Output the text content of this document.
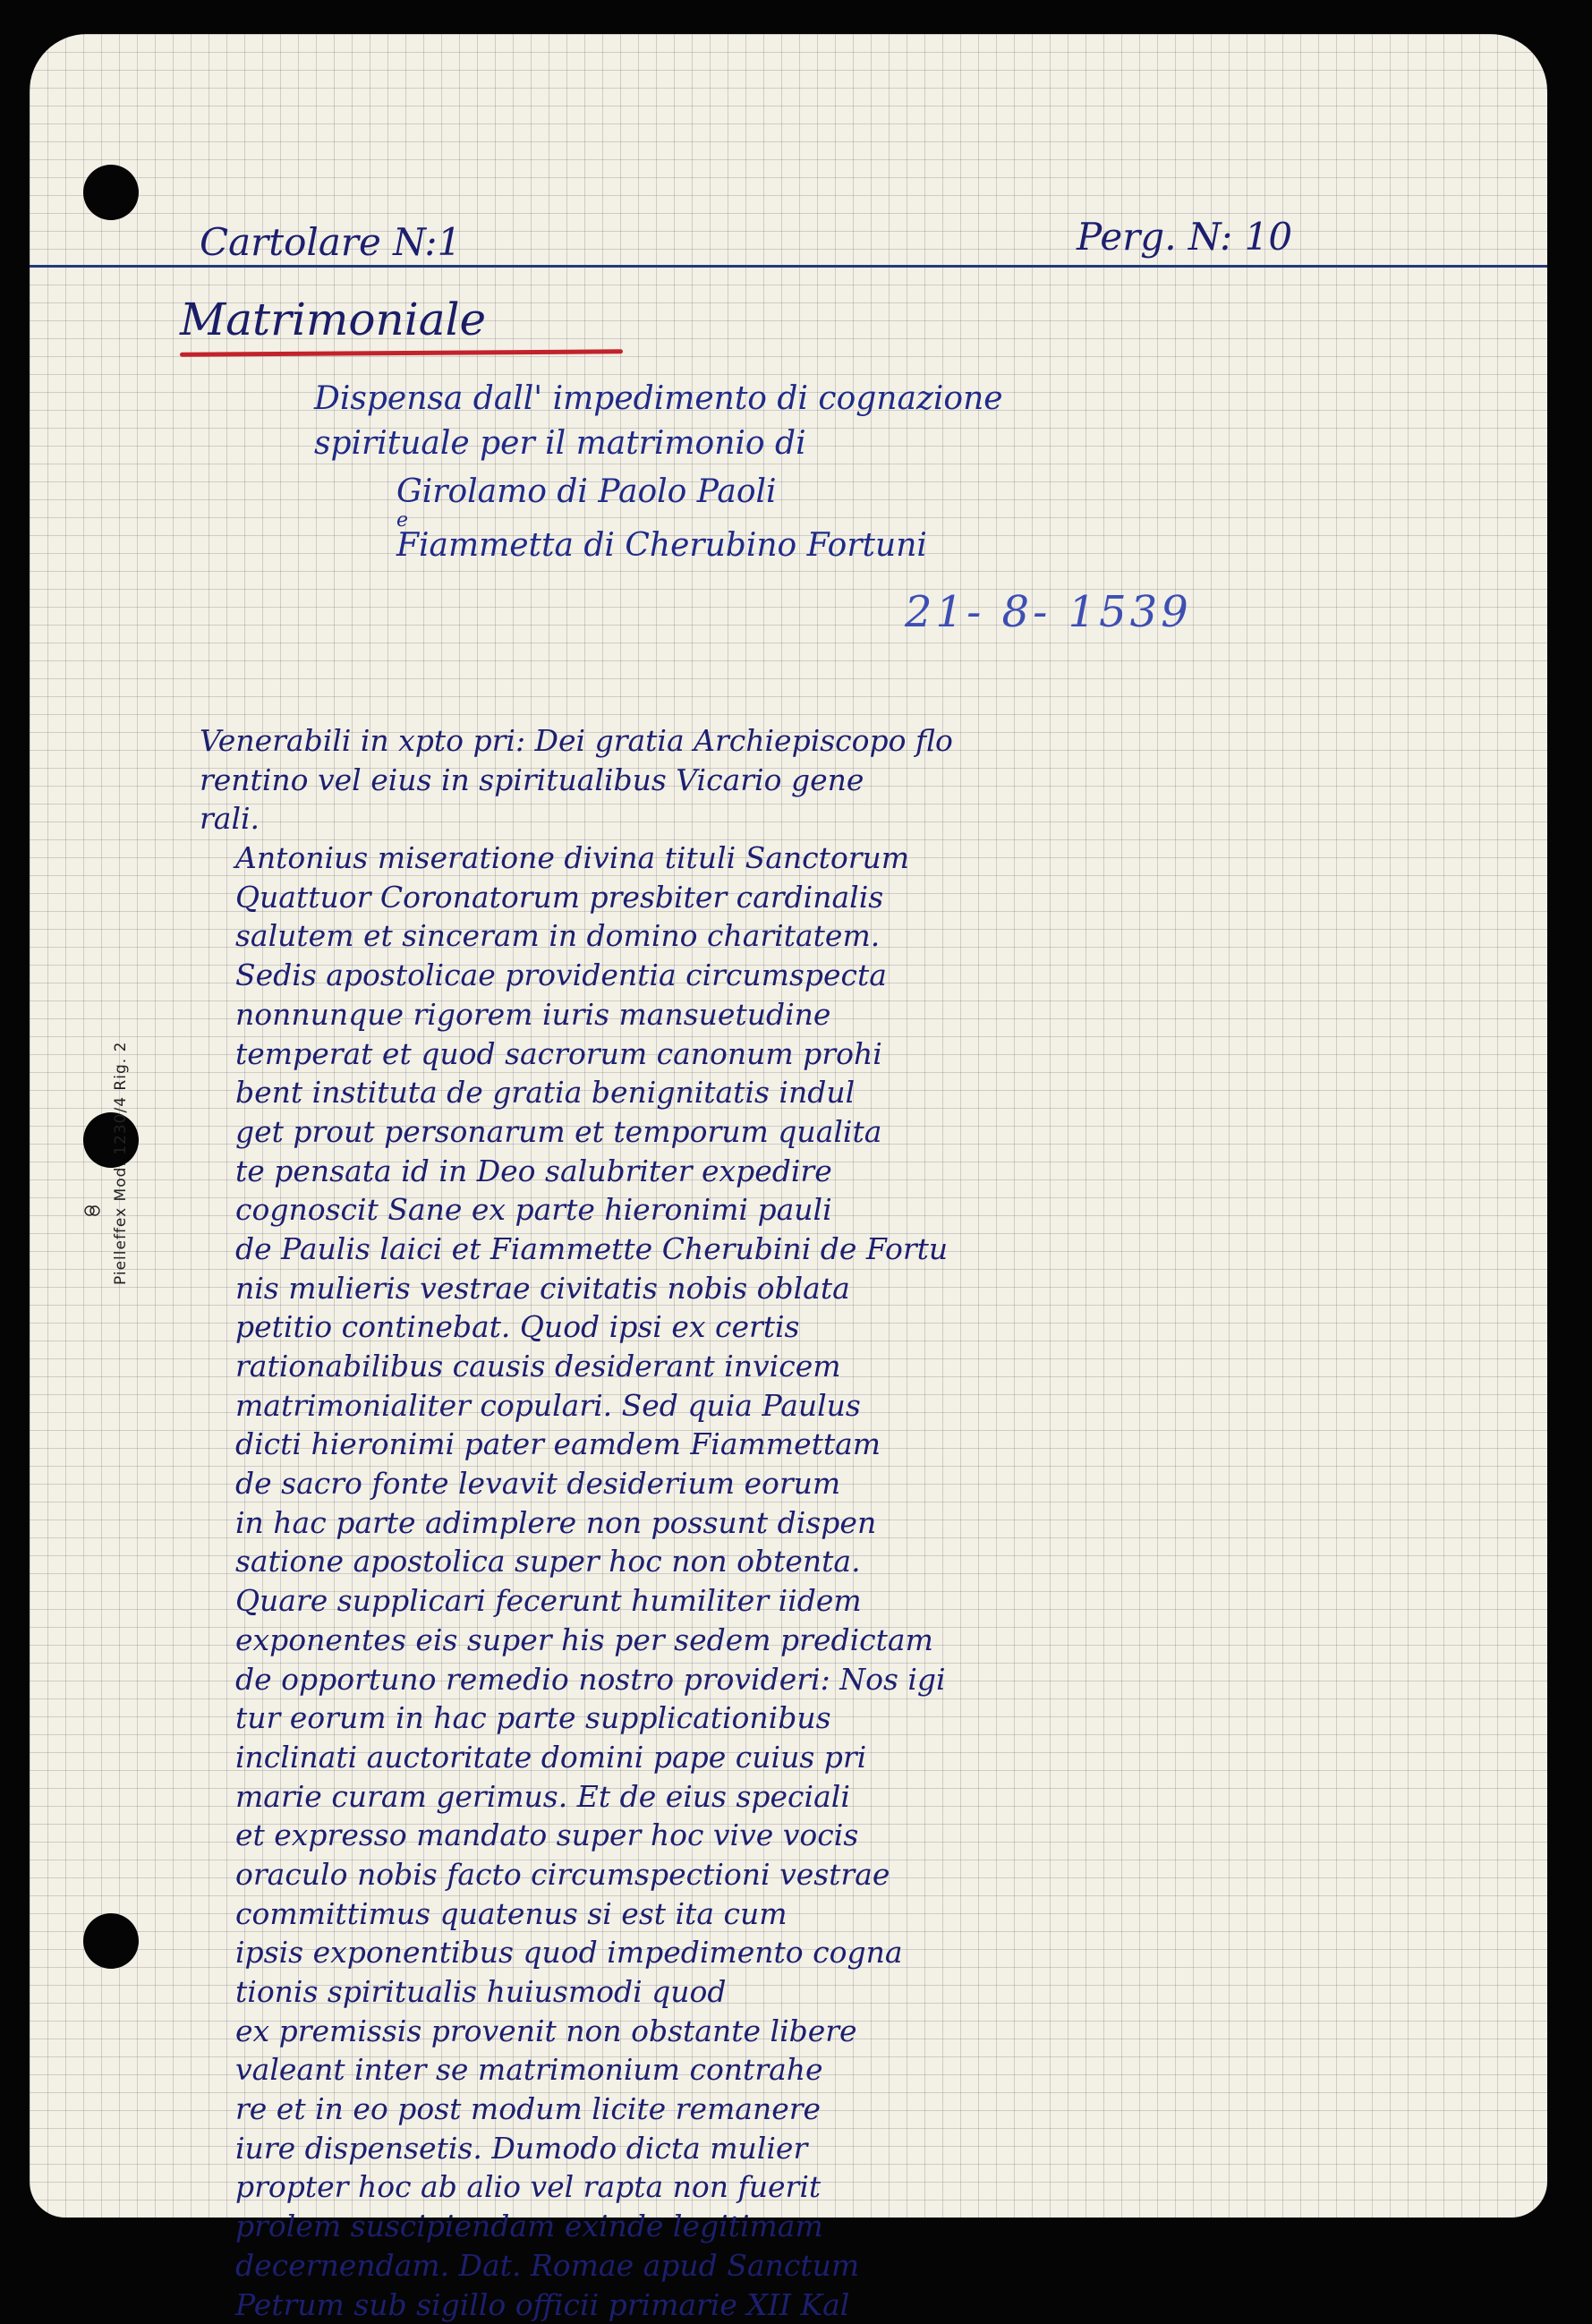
Cartolare N:1	Perg. N: 10
Matrimoniale
Dispensa dall' impedimento di cognazione
spirituale per il matrimonio di
Girolamo di Paolo Paoli
e
Fiammetta di Cherubino Fortuni
21- 8- 1539
Venerabili in xpto pri: Dei gratia Archiepiscopo flo
rentino vel eius in spiritualibus Vicario gene
rali.
Antonius miseratione divina tituli Sanctorum
Quattuor Coronatorum presbiter cardinalis
salutem et sinceram in domino charitatem.
Sedis apostolicae providentia circumspecta
nonnunque rigorem iuris mansuetudine
temperat et quod sacrorum canonum prohi
bent instituta de gratia benignitatis indul
get prout personarum et temporum qualita
te pensata id in Deo salubriter expedire
cognoscit Sane ex parte hieronimi pauli
de Paulis laici et Fiammette Cherubini de Fortu
nis mulieris vestrae civitatis nobis oblata
petitio continebat. Quod ipsi ex certis
rationabilibus causis desiderant invicem
matrimonialiter copulari. Sed quia Paulus
dicti hieronimi pater eamdem Fiammettam
de sacro fonte levavit desiderium eorum
in hac parte adimplere non possunt dispen
satione apostolica super hoc non obtenta.
Quare supplicari fecerunt humiliter iidem
exponentes eis super his per sedem predictam
de opportuno remedio nostro provideri: Nos igi
tur eorum in hac parte supplicationibus
inclinati auctoritate domini pape cuius pri
marie curam gerimus. Et de eius speciali
et expresso mandato super hoc vive vocis
oraculo nobis facto circumspectioni vestrae
committimus quatenus si est ita cum
ipsis exponentibus quod impedimento cogna
tionis spiritualis huiusmodi quod
ex premissis provenit non obstante libere
valeant inter se matrimonium contrahe
re et in eo post modum licite remanere
iure dispensetis. Dumodo dicta mulier
propter hoc ab alio vel rapta non fuerit
prolem suscipiendam exinde legitimam
decernendam. Dat. Romae apud Sanctum
Petrum sub sigillo officii primarie XII Kal
Pielleffex Mod. 1230/4 Rig. 2
